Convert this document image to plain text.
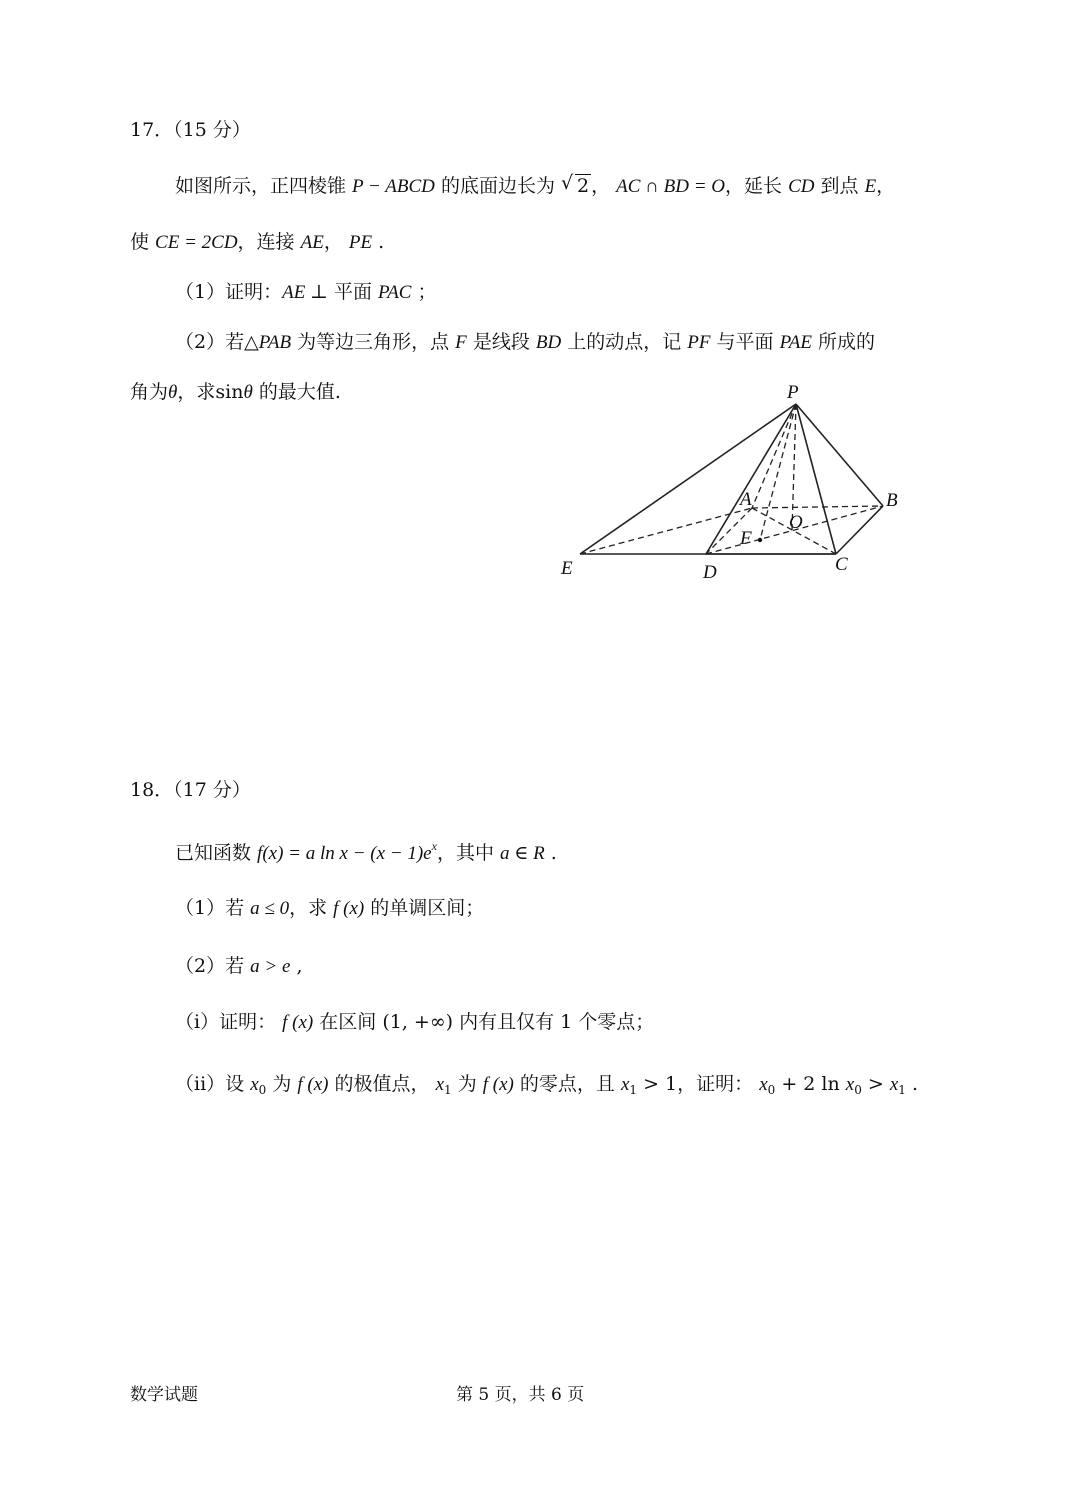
17．（15 分）
如图所示，正四棱锥 P − ABCD 的底面边长为 √ 2 ， AC ∩ BD = O，延长 CD 到点 E，
使 CE = 2CD，连接 AE， PE .
（1）证明：AE ⊥ 平面 PAC ；
（2）若△PAB 为等边三角形，点 F 是线段 BD 上的动点，记 PF 与平面 PAE 所成的
角为θ，求sinθ 的最大值.	P
A	B
O
F
E	D	C
18．（17 分）
已知函数 f(x) = a $\ln x - (x - 1)e^x$，其中 a ∈ R .
（1）若 a ≤ 0，求 f (x) 的单调区间；
（2）若 a > e ,
（i）证明： f (x) 在区间 (1, +∞) 内有且仅有 1 个零点；
（ii）设 $x_0$ 为 f (x) 的极值点， $x_1$ 为 f (x) 的零点，且 $x_1 > 1$，证明： $x_0 + 2$ $\ln x_0 > x_1$ .
数学试题	第 5 页，共 6 页
